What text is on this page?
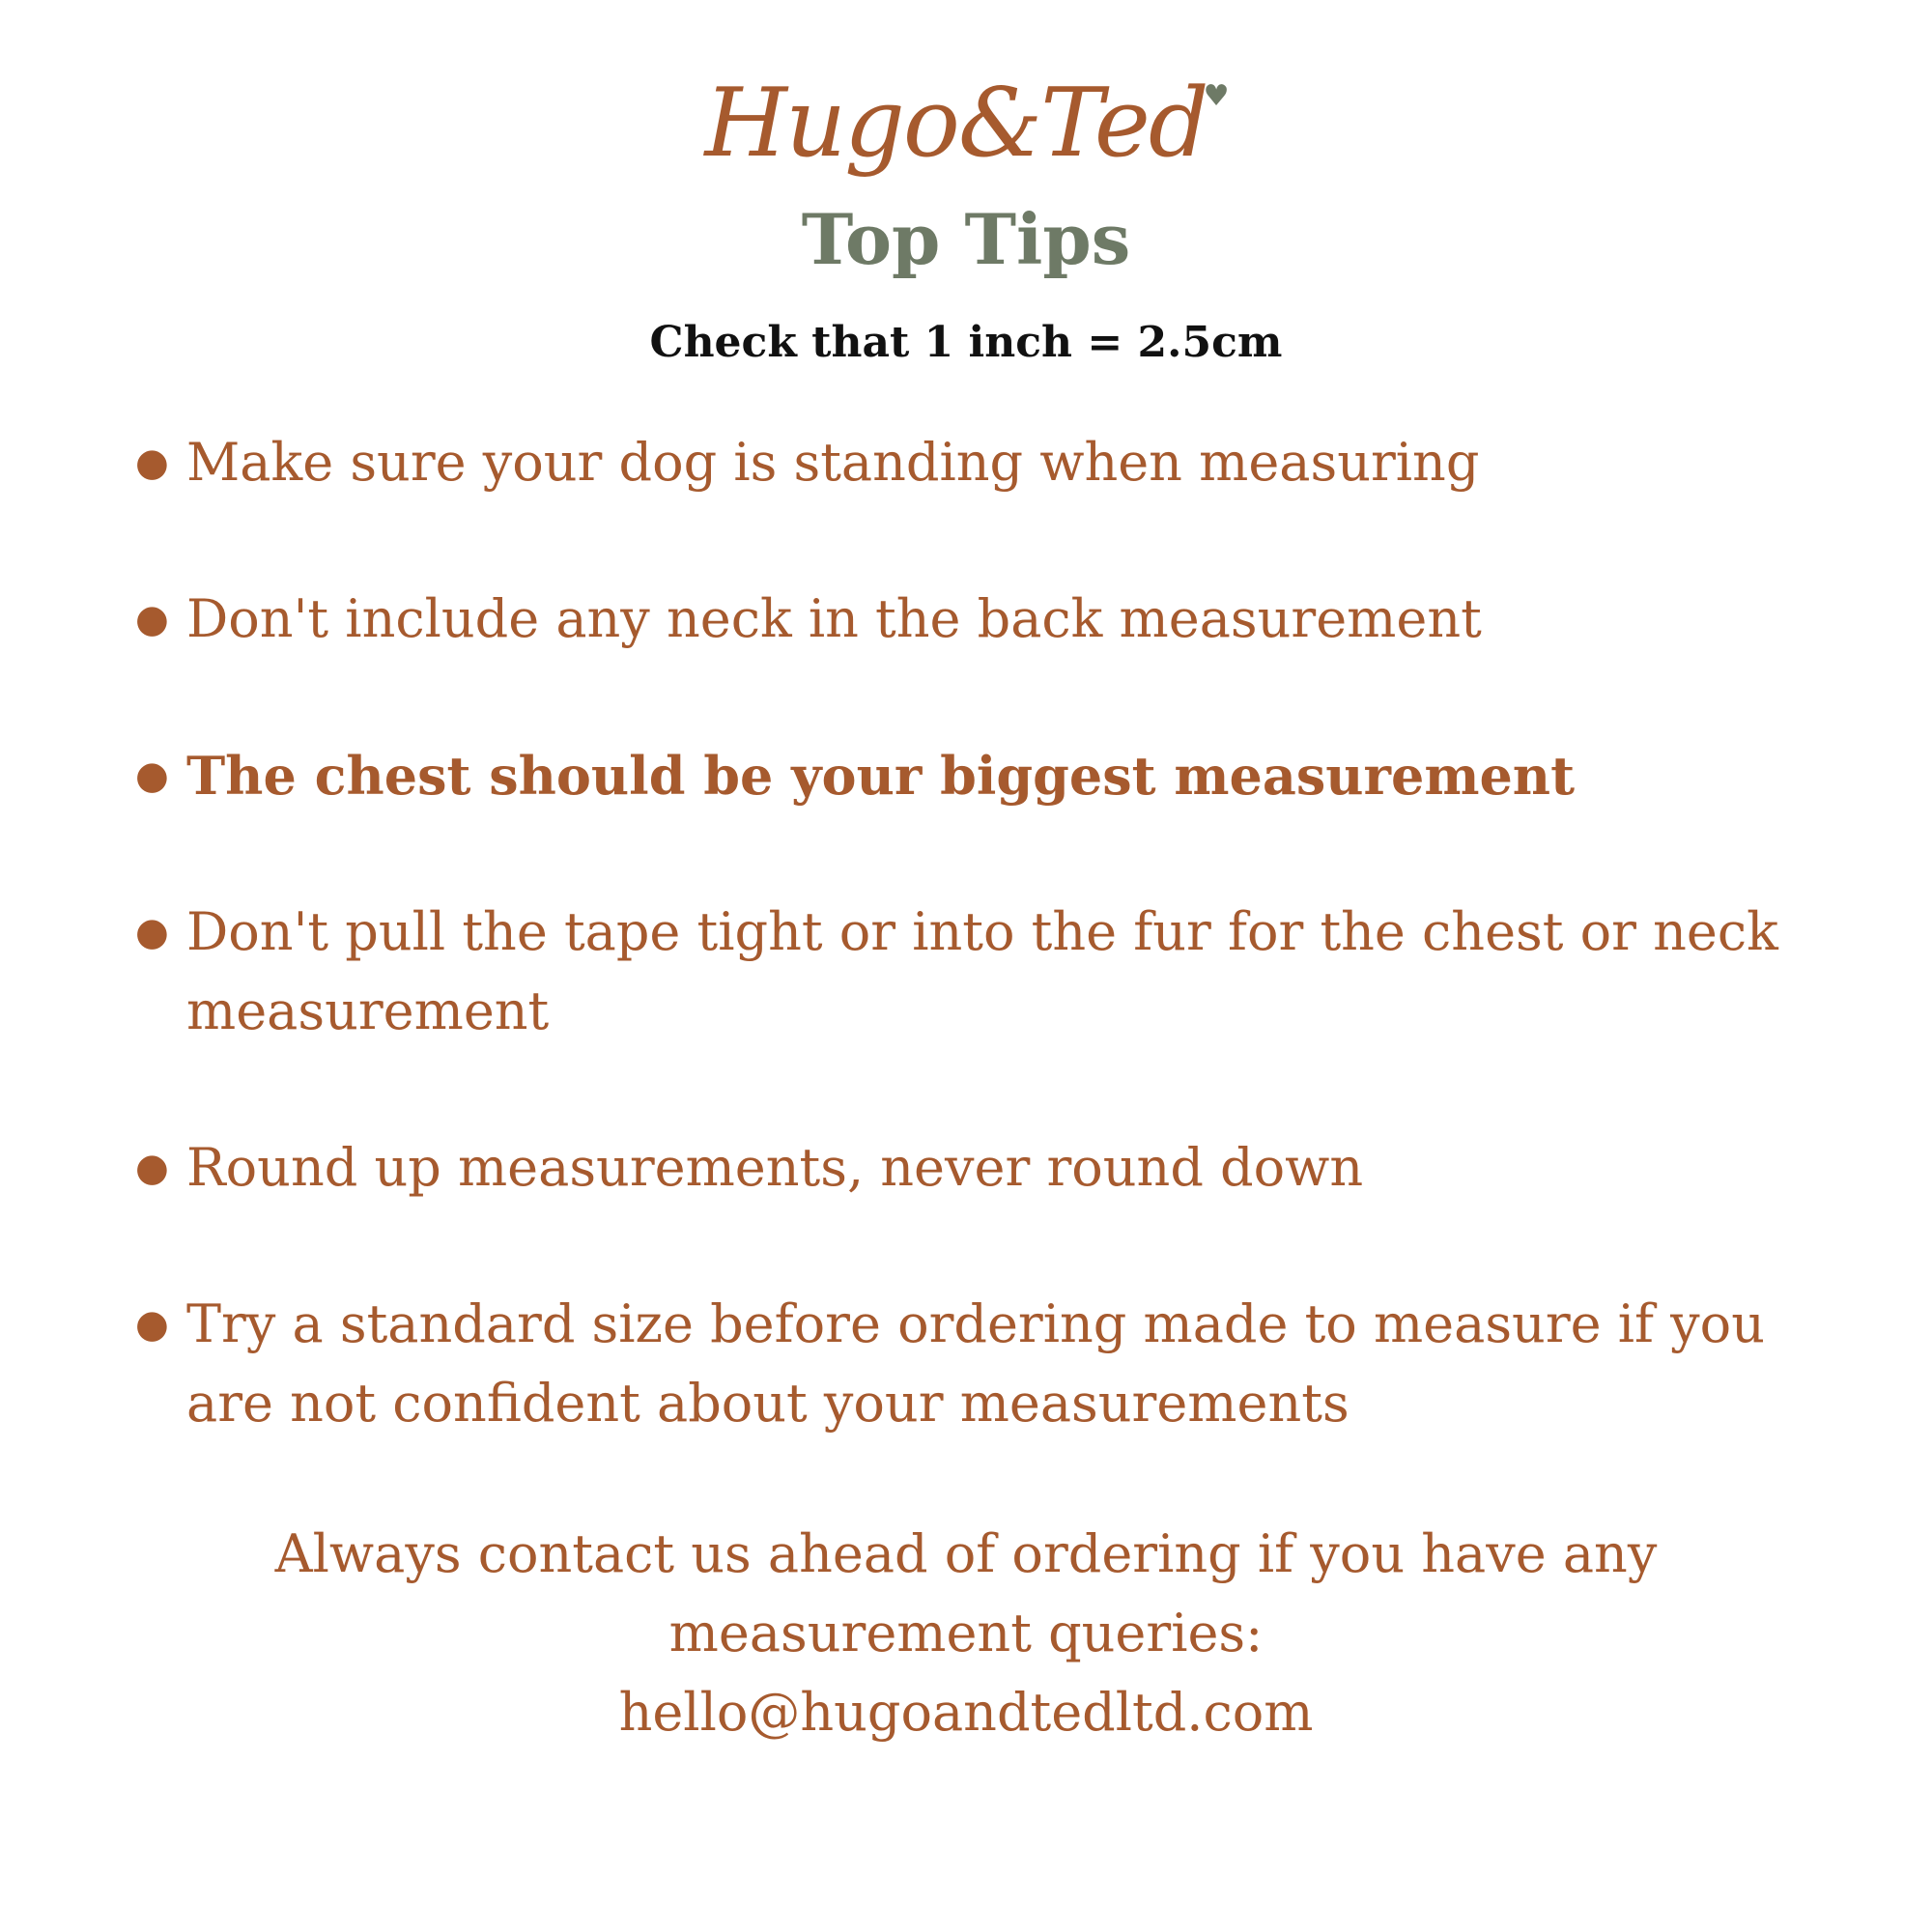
Hugo&Ted♥
Top Tips
Check that 1 inch = 2.5cm
● Make sure your dog is standing when measuring
● Don't include any neck in the back measurement
● The chest should be your biggest measurement
● Don't pull the tape tight or into the fur for the chest or neck measurement
● Round up measurements, never round down
● Try a standard size before ordering made to measure if you are not confident about your measurements
Always contact us ahead of ordering if you have any measurement queries:
hello@hugoandtedltd.com
